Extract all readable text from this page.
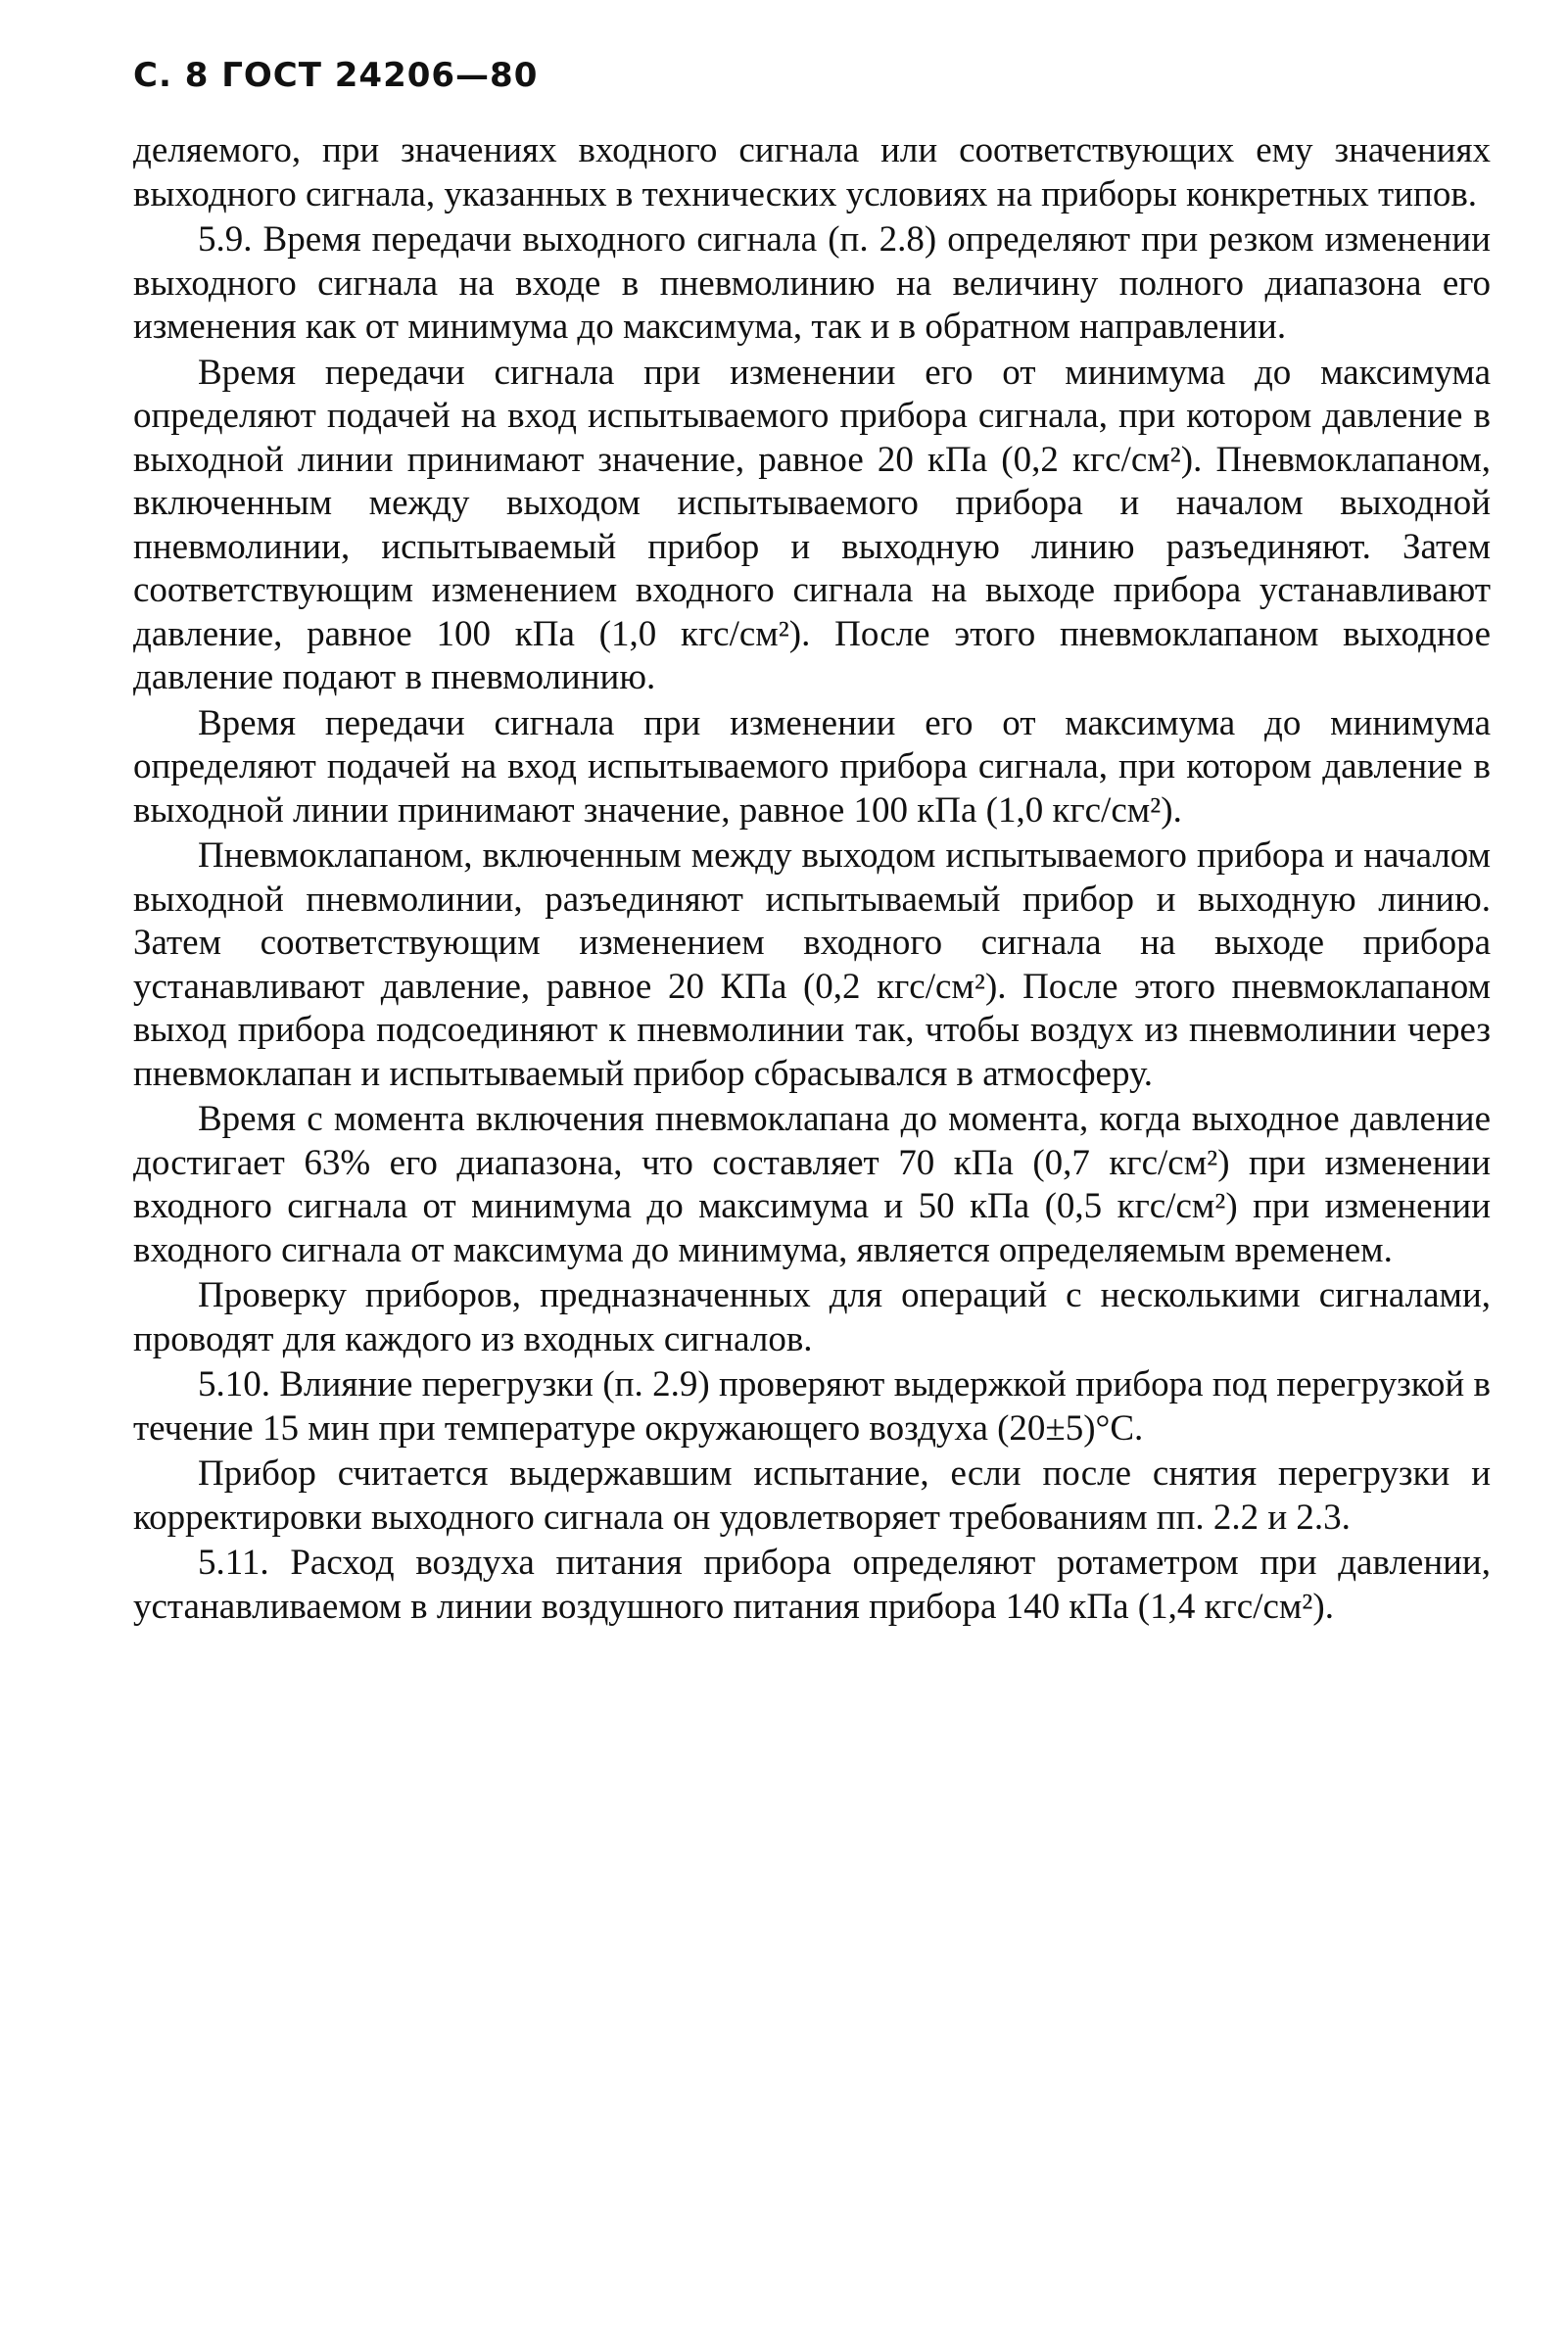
С. 8 ГОСТ 24206—80

деляемого, при значениях входного сигнала или соответствующих ему значениях выходного сигнала, указанных в технических условиях на приборы конкретных типов.

5.9. Время передачи выходного сигнала (п. 2.8) определяют при резком изменении выходного сигнала на входе в пневмолинию на величину полного диапазона его изменения как от минимума до максимума, так и в обратном направлении.

Время передачи сигнала при изменении его от минимума до максимума определяют подачей на вход испытываемого прибора сигнала, при котором давление в выходной линии принимают значение, равное 20 кПа (0,2 кгс/см²). Пневмоклапаном, включенным между выходом испытываемого прибора и началом выходной пневмолинии, испытываемый прибор и выходную линию разъединяют. Затем соответствующим изменением входного сигнала на выходе прибора устанавливают давление, равное 100 кПа (1,0 кгс/см²). После этого пневмоклапаном выходное давление подают в пневмолинию.

Время передачи сигнала при изменении его от максимума до минимума определяют подачей на вход испытываемого прибора сигнала, при котором давление в выходной линии принимают значение, равное 100 кПа (1,0 кгс/см²).

Пневмоклапаном, включенным между выходом испытываемого прибора и началом выходной пневмолинии, разъединяют испытываемый прибор и выходную линию. Затем соответствующим изменением входного сигнала на выходе прибора устанавливают давление, равное 20 КПа (0,2 кгс/см²). После этого пневмоклапаном выход прибора подсоединяют к пневмолинии так, чтобы воздух из пневмолинии через пневмоклапан и испытываемый прибор сбрасывался в атмосферу.

Время с момента включения пневмоклапана до момента, когда выходное давление достигает 63% его диапазона, что составляет 70 кПа (0,7 кгс/см²) при изменении входного сигнала от минимума до максимума и 50 кПа (0,5 кгс/см²) при изменении входного сигнала от максимума до минимума, является определяемым временем.

Проверку приборов, предназначенных для операций с несколькими сигналами, проводят для каждого из входных сигналов.

5.10. Влияние перегрузки (п. 2.9) проверяют выдержкой прибора под перегрузкой в течение 15 мин при температуре окружающего воздуха (20±5)°С.

Прибор считается выдержавшим испытание, если после снятия перегрузки и корректировки выходного сигнала он удовлетворяет требованиям пп. 2.2 и 2.3.

5.11. Расход воздуха питания прибора определяют ротаметром при давлении, устанавливаемом в линии воздушного питания прибора 140 кПа (1,4 кгс/см²).
